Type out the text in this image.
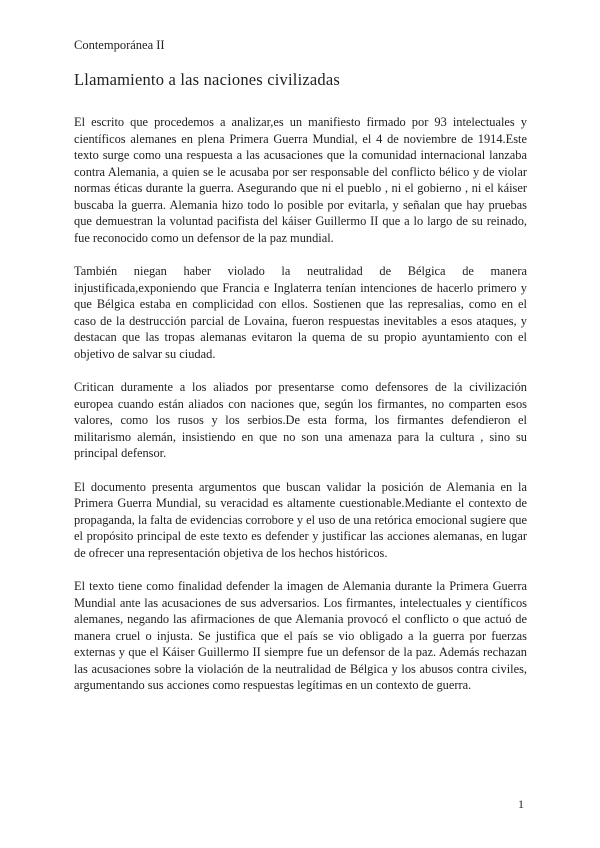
Contemporánea II
Llamamiento a las naciones civilizadas

El escrito que procedemos a analizar,es un manifiesto firmado por 93 intelectuales y científicos alemanes en plena Primera Guerra Mundial, el 4 de noviembre de 1914.Este texto surge como una respuesta a las acusaciones que la comunidad internacional lanzaba contra Alemania, a quien se le acusaba por ser responsable del conflicto bélico y de violar normas éticas durante la guerra. Asegurando que ni el pueblo , ni el gobierno , ni el káiser buscaba la guerra. Alemania hizo todo lo posible por evitarla, y señalan que hay pruebas que demuestran la voluntad pacifista del káiser Guillermo II que a lo largo de su reinado, fue reconocido como un defensor de la paz mundial.

También niegan haber violado la neutralidad de Bélgica de manera injustificada,exponiendo que Francia e Inglaterra tenían intenciones de hacerlo primero y que Bélgica estaba en complicidad con ellos. Sostienen que las represalias, como en el caso de la destrucción parcial de Lovaina, fueron respuestas inevitables a esos ataques, y destacan que las tropas alemanas evitaron la quema de su propio ayuntamiento con el objetivo de salvar su ciudad.

Critican duramente a los aliados por presentarse como defensores de la civilización europea cuando están aliados con naciones que, según los firmantes, no comparten esos valores, como los rusos y los serbios.De esta forma, los firmantes defendieron el militarismo alemán, insistiendo en que no son una amenaza para la cultura , sino su principal defensor.

El documento presenta argumentos que buscan validar la posición de Alemania en la Primera Guerra Mundial, su veracidad es altamente cuestionable.Mediante el contexto de propaganda, la falta de evidencias corrobore y el uso de una retórica emocional sugiere que el propósito principal de este texto es defender y justificar las acciones alemanas, en lugar de ofrecer una representación objetiva de los hechos históricos.

El texto tiene como finalidad defender la imagen de Alemania durante la Primera Guerra Mundial ante las acusaciones de sus adversarios. Los firmantes, intelectuales y científicos alemanes, negando las afirmaciones de que Alemania provocó el conflicto o que actuó de manera cruel o injusta. Se justifica que el país se vio obligado a la guerra por fuerzas externas y que el Káiser Guillermo II siempre fue un defensor de la paz. Además rechazan las acusaciones sobre la violación de la neutralidad de Bélgica y los abusos contra civiles, argumentando sus acciones como respuestas legítimas en un contexto de guerra.

1
